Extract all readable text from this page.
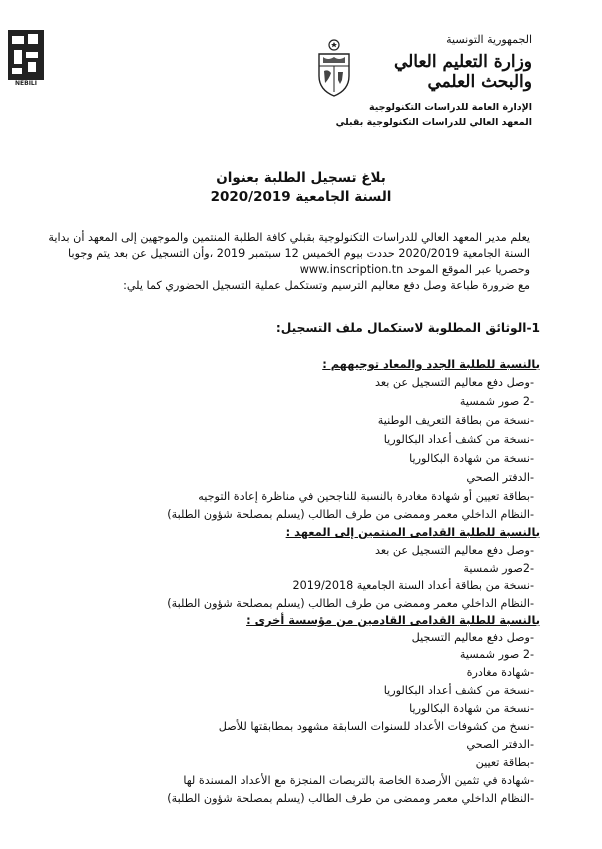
NEBILI
الجمهورية التونسية
وزارة التعليم العالي
والبحث العلمي
الإدارة العامة للدراسات التكنولوجية
المعهد العالي للدراسات التكنولوجية بقبلي
بلاغ تسجيل الطلبة بعنوان
السنة الجامعية 2020/2019
يعلم مدير المعهد العالي للدراسات التكنولوجية بقبلي كافة الطلبة المنتمين والموجهين إلى المعهد أن بداية
السنة الجامعية 2020/2019 حددت بيوم الخميس 12 سبتمبر 2019 ،وأن التسجيل عن بعد يتم وجوبا
وحصريا عبر الموقع الموحد www.inscription.tn
مع ضرورة طباعة وصل دفع معاليم الترسيم وتستكمل عملية التسجيل الحضوري كما يلي:
1-الوثائق المطلوبة لاستكمال ملف التسجيل:
بالنسبة للطلبة الجدد والمعاد توجيههم :
-وصل دفع معاليم التسجيل عن بعد
-2 صور شمسية
-نسخة من بطاقة التعريف الوطنية
-نسخة من كشف أعداد البكالوريا
-نسخة من شهادة البكالوريا
-الدفتر الصحي
-بطاقة تعيين أو شهادة مغادرة بالنسبة للناجحين في مناظرة إعادة التوجيه
-النظام الداخلي معمر وممضى من طرف الطالب (يسلم بمصلحة شؤون الطلبة)
بالنسبة للطلبة القدامى المنتمين إلى المعهد :
-وصل دفع معاليم التسجيل عن بعد
-2صور شمسية
-نسخة من بطاقة أعداد السنة الجامعية 2019/2018
-النظام الداخلي معمر وممضى من طرف الطالب (يسلم بمصلحة شؤون الطلبة)
بالنسبة للطلبة القدامى القادمين من مؤسسة أخرى :
-وصل دفع معاليم التسجيل
-2 صور شمسية
-شهادة مغادرة
-نسخة من كشف أعداد البكالوريا
-نسخة من شهادة البكالوريا
-نسخ من كشوفات الأعداد للسنوات السابقة مشهود بمطابقتها للأصل
-الدفتر الصحي
-بطاقة تعيين
-شهادة في تثمين الأرصدة الخاصة بالتربصات المنجزة مع الأعداد المسندة لها
-النظام الداخلي معمر وممضى من طرف الطالب (يسلم بمصلحة شؤون الطلبة)
